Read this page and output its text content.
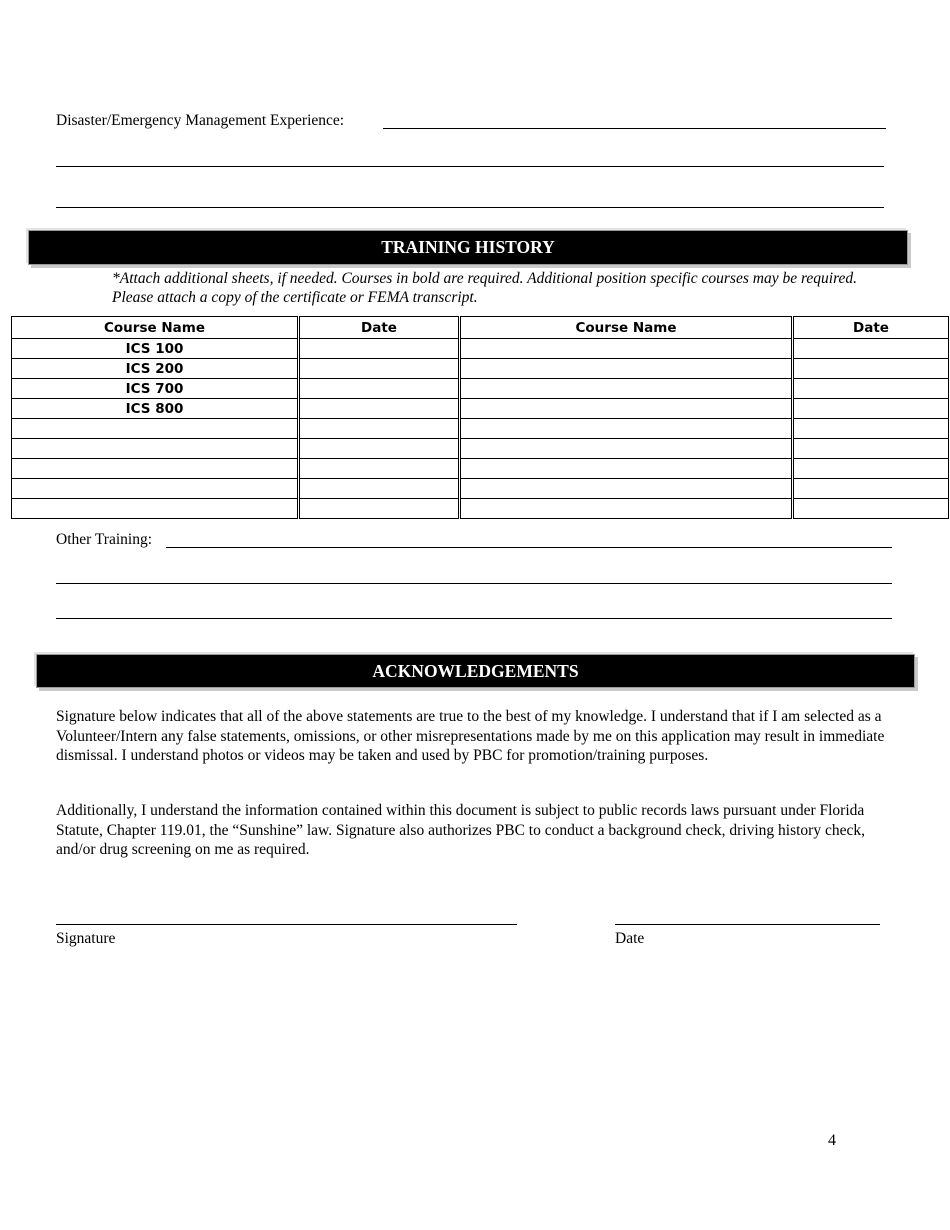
Disaster/Emergency Management Experience:
TRAINING HISTORY
*Attach additional sheets, if needed. Courses in bold are required. Additional position specific courses may be required. Please attach a copy of the certificate or FEMA transcript.
Course Name	Date	Course Name	Date
ICS 100			
ICS 200			
ICS 700			
ICS 800			

Other Training:
ACKNOWLEDGEMENTS
Signature below indicates that all of the above statements are true to the best of my knowledge. I understand that if I am selected as a Volunteer/Intern any false statements, omissions, or other misrepresentations made by me on this application may result in immediate dismissal. I understand photos or videos may be taken and used by PBC for promotion/training purposes.
Additionally, I understand the information contained within this document is subject to public records laws pursuant under Florida Statute, Chapter 119.01, the “Sunshine” law. Signature also authorizes PBC to conduct a background check, driving history check, and/or drug screening on me as required.
Signature	Date
4
